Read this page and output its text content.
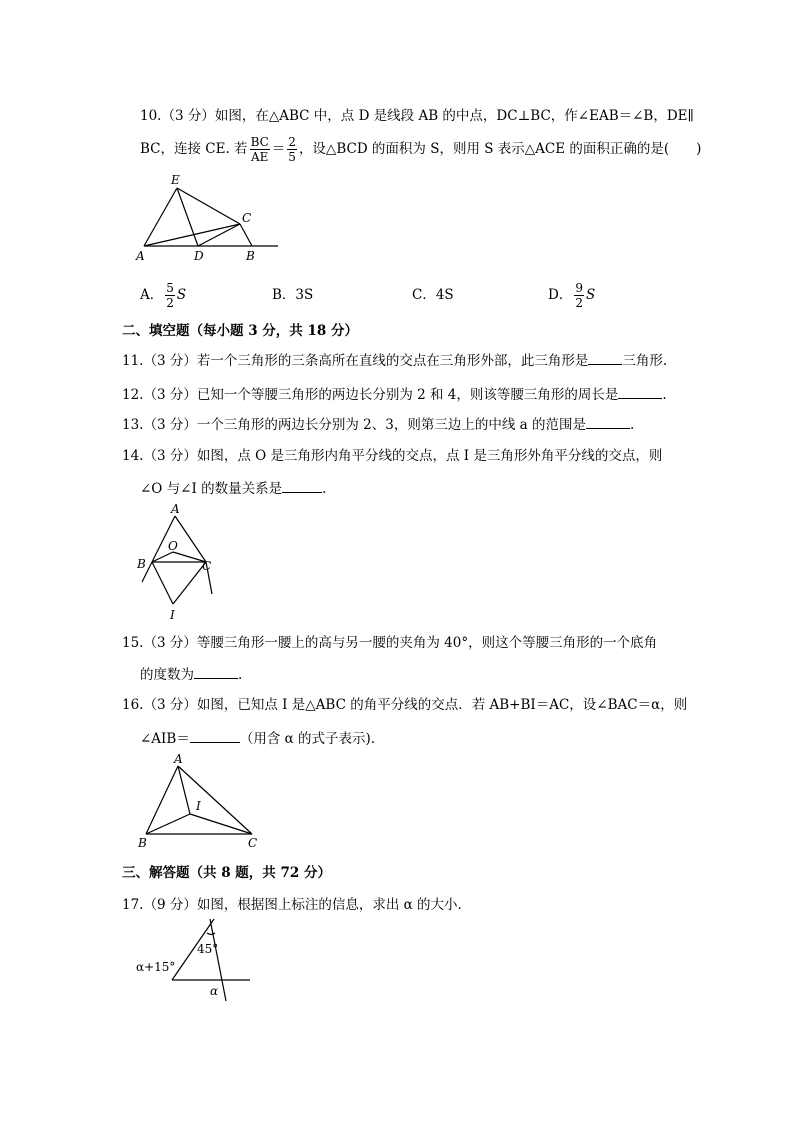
10.（3 分）如图，在△ABC 中，点 D 是线段 AB 的中点，DC⊥BC，作∠EAB＝∠B，DE∥
BC，连接 CE. 若 $\frac{BC}{AE} = \frac{2}{5}$ ，设△BCD 的面积为 S，则用 S 表示△ACE 的面积正确的是(　　)
E
C
A	D	B
A． $\frac{5}{2}$ S	B．3S	C．4S	D． $\frac{9}{2}$ S
二、填空题（每小题 3 分，共 18 分）
11.（3 分）若一个三角形的三条高所在直线的交点在三角形外部，此三角形是	三角形.
12.（3 分）已知一个等腰三角形的两边长分别为 2 和 4，则该等腰三角形的周长是	.
13.（3 分）一个三角形的两边长分别为 2、3，则第三边上的中线 a 的范围是	.
14.（3 分）如图，点 O 是三角形内角平分线的交点，点 I 是三角形外角平分线的交点，则
∠O 与∠I 的数量关系是	.
A
O
B	C
I
15.（3 分）等腰三角形一腰上的高与另一腰的夹角为 40°，则这个等腰三角形的一个底角
的度数为	.
16.（3 分）如图，已知点 I 是△ABC 的角平分线的交点．若 AB+BI＝AC，设∠BAC＝α，则
∠AIB＝	（用含 α 的式子表示).
A
I
B	C
三、解答题（共 8 题，共 72 分）
17.（9 分）如图，根据图上标注的信息，求出 α 的大小.
45°
α+15°
α
